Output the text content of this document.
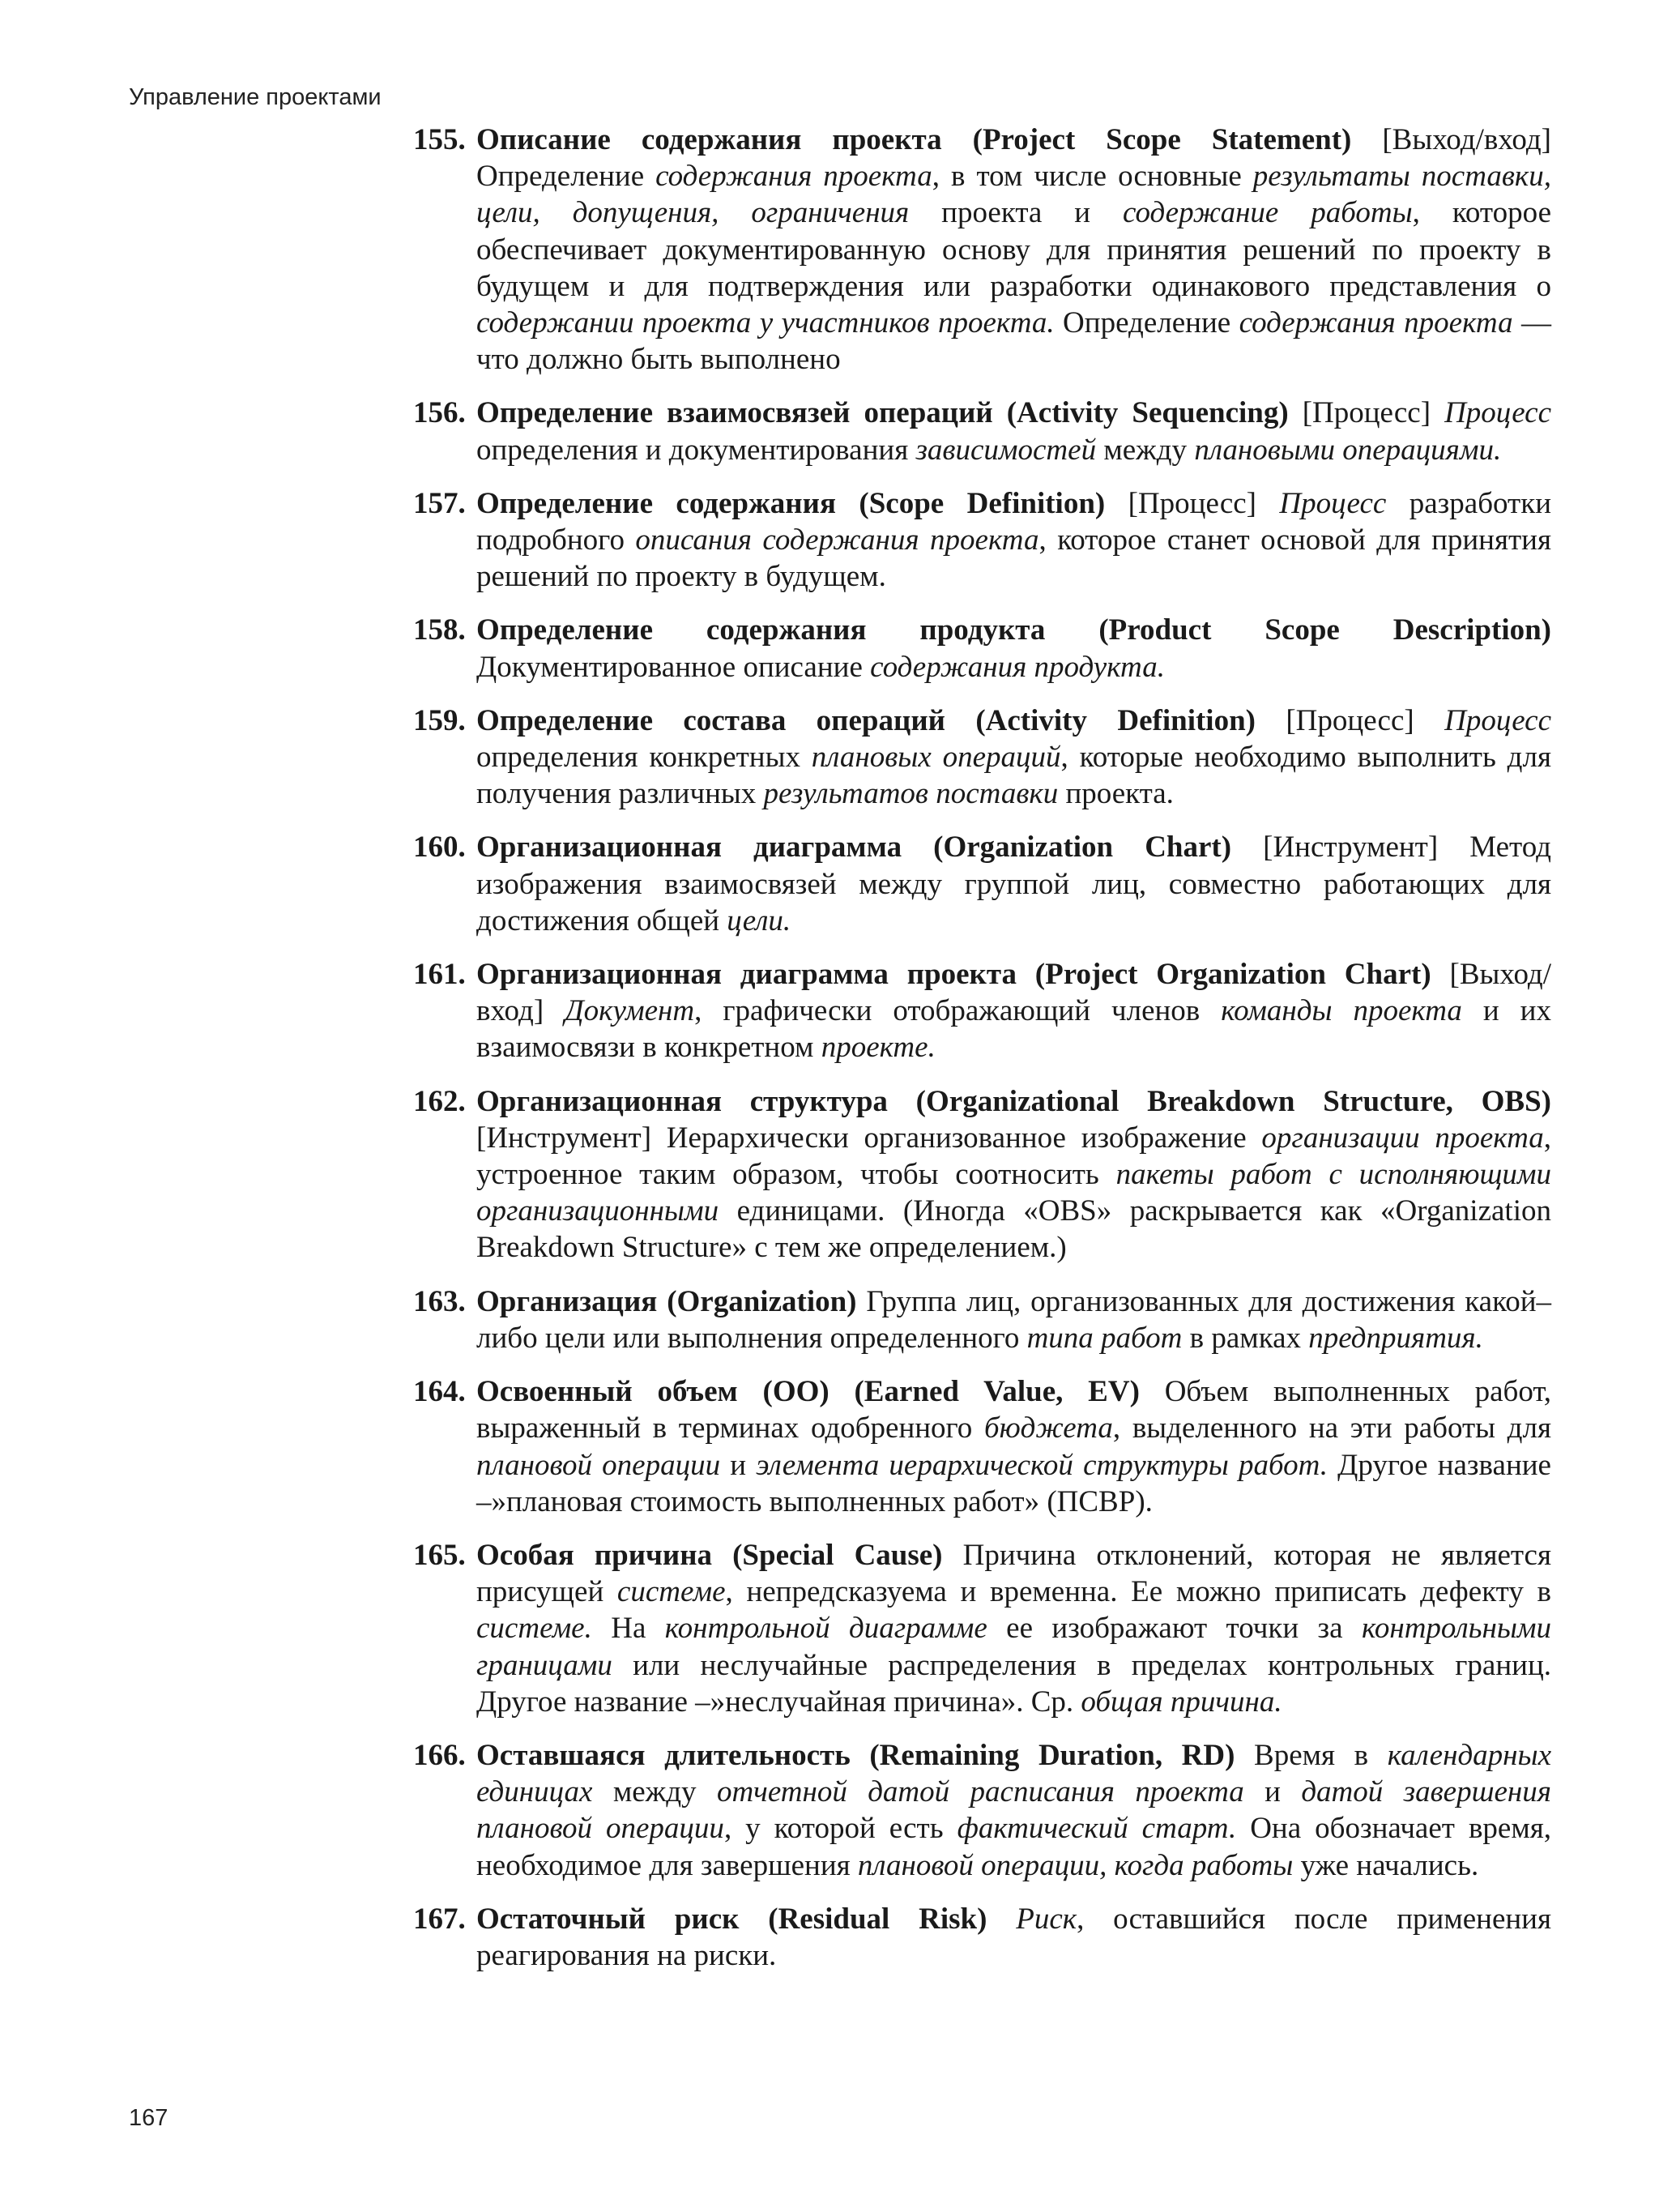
Управление проектами
155. Описание содержания проекта (Project Scope Statement) [Выход/вход] Определение содержания проекта, в том числе основные результаты поставки, цели, допущения, ограничения проекта и содержание работы, которое обеспечивает документированную основу для принятия решений по проекту в будущем и для подтверждения или разработки одинакового представления о содержании проекта у участников проекта. Определение содержания проекта — что должно быть выполнено
156. Определение взаимосвязей операций (Activity Sequencing) [Процесс] Процесс определения и документирования зависимостей между плановыми операциями.
157. Определение содержания (Scope Definition) [Процесс] Процесс разработки подробного описания содержания проекта, которое станет основой для принятия решений по проекту в будущем.
158. Определение содержания продукта (Product Scope Description) Документированное описание содержания продукта.
159. Определение состава операций (Activity Definition) [Процесс] Процесс определения конкретных плановых операций, которые необходимо выполнить для получения различных результатов поставки проекта.
160. Организационная диаграмма (Organization Chart) [Инструмент] Метод изображения взаимосвязей между группой лиц, совместно работающих для достижения общей цели.
161. Организационная диаграмма проекта (Project Organization Chart) [Выход/вход] Документ, графически отображающий членов команды проекта и их взаимосвязи в конкретном проекте.
162. Организационная структура (Organizational Breakdown Structure, OBS) [Инструмент] Иерархически организованное изображение организации проекта, устроенное таким образом, чтобы соотносить пакеты работ с исполняющими организационными единицами. (Иногда «OBS» раскрывается как «Organization Breakdown Structure» с тем же определением.)
163. Организация (Organization) Группа лиц, организованных для достижения какой–либо цели или выполнения определенного типа работ в рамках предприятия.
164. Освоенный объем (ОО) (Earned Value, EV) Объем выполненных работ, выраженный в терминах одобренного бюджета, выделенного на эти работы для плановой операции и элемента иерархической структуры работ. Другое название –»плановая стоимость выполненных работ» (ПСВР).
165. Особая причина (Special Cause) Причина отклонений, которая не является присущей системе, непредсказуема и временна. Ее можно приписать дефекту в системе. На контрольной диаграмме ее изображают точки за контрольными границами или неслучайные распределения в пределах контрольных границ. Другое название –»неслучайная причина». Ср. общая причина.
166. Оставшаяся длительность (Remaining Duration, RD) Время в календарных единицах между отчетной датой расписания проекта и датой завершения плановой операции, у которой есть фактический старт. Она обозначает время, необходимое для завершения плановой операции, когда работы уже начались.
167. Остаточный риск (Residual Risk) Риск, оставшийся после применения реагирования на риски.
167
